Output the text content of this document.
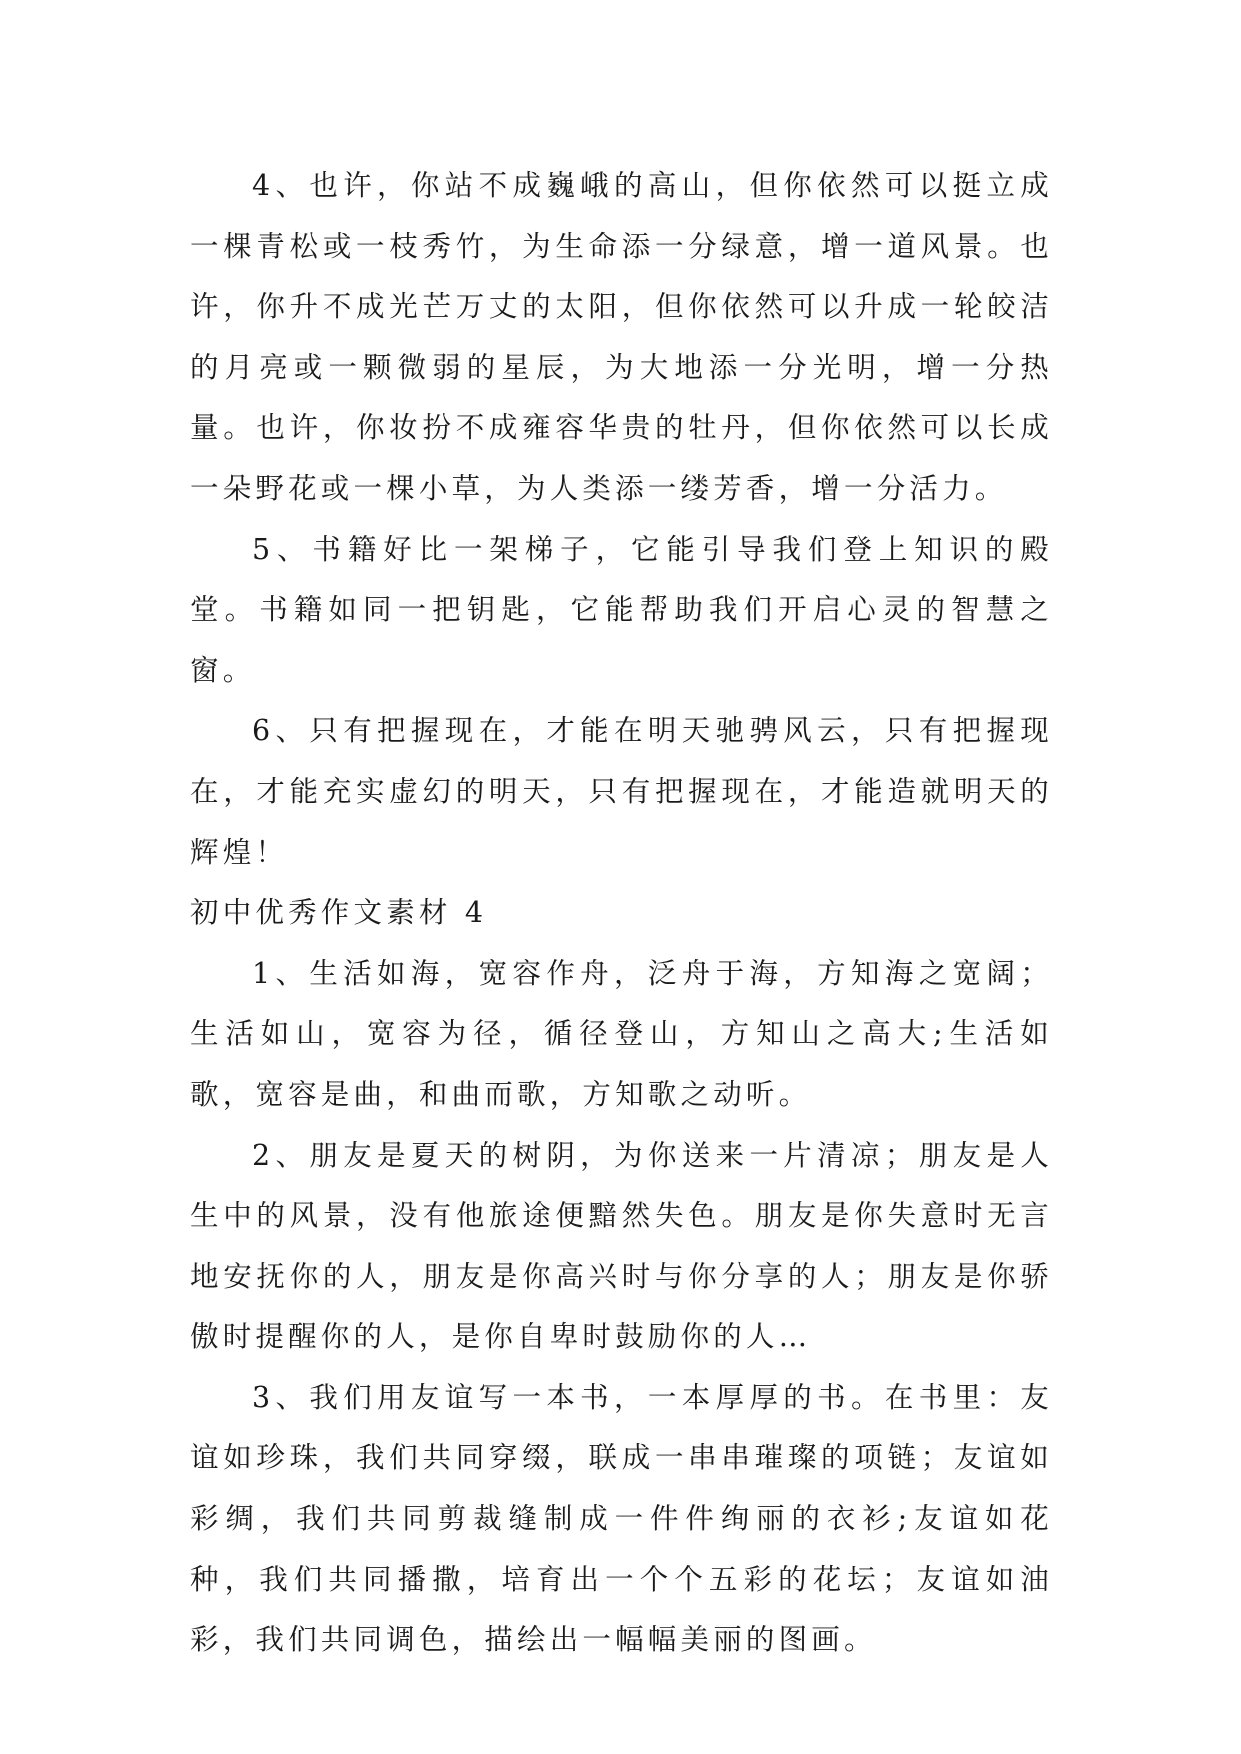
4、也许，你站不成巍峨的高山，但你依然可以挺立成一棵青松或一枝秀竹，为生命添一分绿意，增一道风景。也许，你升不成光芒万丈的太阳，但你依然可以升成一轮皎洁的月亮或一颗微弱的星辰，为大地添一分光明，增一分热量。也许，你妆扮不成雍容华贵的牡丹，但你依然可以长成一朵野花或一棵小草，为人类添一缕芳香，增一分活力。

5、书籍好比一架梯子，它能引导我们登上知识的殿堂。书籍如同一把钥匙，它能帮助我们开启心灵的智慧之窗。

6、只有把握现在，才能在明天驰骋风云，只有把握现在，才能充实虚幻的明天，只有把握现在，才能造就明天的辉煌！

初中优秀作文素材 4

1、生活如海，宽容作舟，泛舟于海，方知海之宽阔；生活如山，宽容为径，循径登山，方知山之高大;生活如歌，宽容是曲，和曲而歌，方知歌之动听。

2、朋友是夏天的树阴，为你送来一片清凉；朋友是人生中的风景，没有他旅途便黯然失色。朋友是你失意时无言地安抚你的人，朋友是你高兴时与你分享的人；朋友是你骄傲时提醒你的人，是你自卑时鼓励你的人…

3、我们用友谊写一本书，一本厚厚的书。在书里：友谊如珍珠，我们共同穿缀，联成一串串璀璨的项链；友谊如彩绸，我们共同剪裁缝制成一件件绚丽的衣衫;友谊如花种，我们共同播撒，培育出一个个五彩的花坛；友谊如油彩，我们共同调色，描绘出一幅幅美丽的图画。
